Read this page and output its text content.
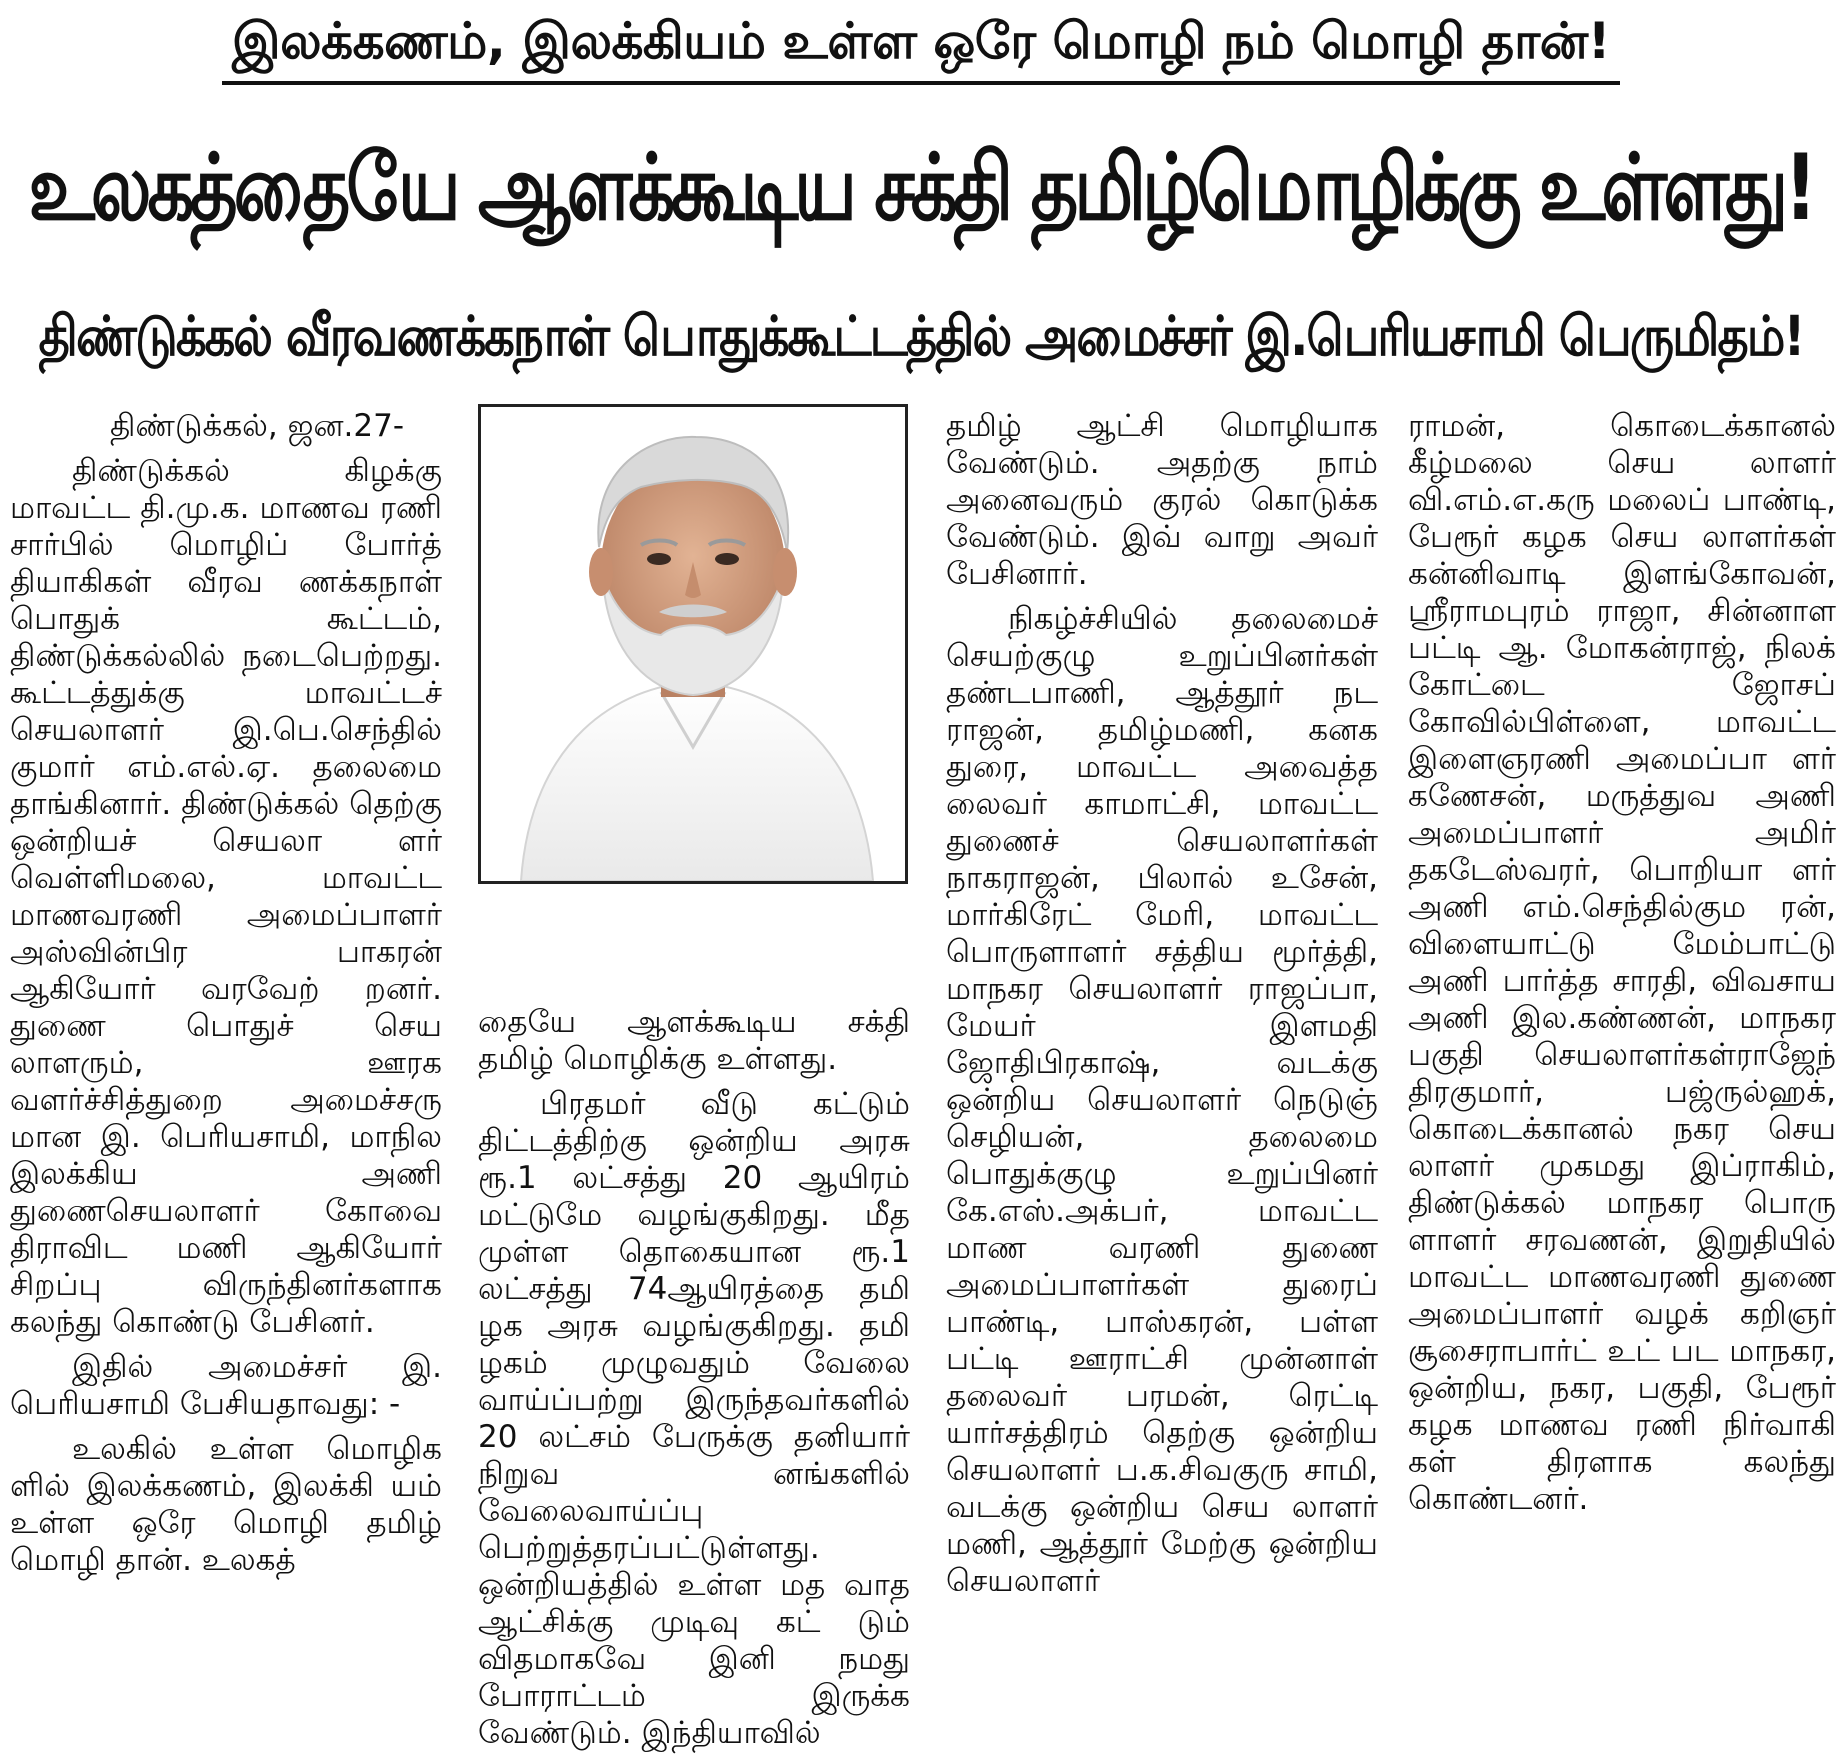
இலக்கணம், இலக்கியம் உள்ள ஒரே மொழி நம் மொழி தான்!
உலகத்தையே ஆளக்கூடிய சக்தி தமிழ்மொழிக்கு உள்ளது!
திண்டுக்கல் வீரவணக்கநாள் பொதுக்கூட்டத்தில் அமைச்சர் இ.பெரியசாமி பெருமிதம்!

திண்டுக்கல், ஜன.27-

திண்டுக்கல் கிழக்கு மாவட்ட தி.மு.க. மாணவ ரணி சார்பில் மொழிப் போர்த் தியாகிகள் வீரவ ணக்கநாள் பொதுக் கூட்டம், திண்டுக்கல்லில் நடைபெற்றது. கூட்டத்துக்கு மாவட்டச் செயலாளர் இ.பெ.செந்தில் குமார் எம்.எல்.ஏ. தலைமை தாங்கினார். திண்டுக்கல் தெற்கு ஒன்றியச் செயலா ளர் வெள்ளிமலை, மாவட்ட மாணவரணி அமைப்பாளர் அஸ்வின்பிர பாகரன் ஆகியோர் வரவேற் றனர். துணை பொதுச் செய லாளரும், ஊரக வளர்ச்சித்துறை அமைச்சரு மான இ. பெரியசாமி, மாநில இலக்கிய அணி துணைசெயலாளர் கோவை திராவிட மணி ஆகியோர் சிறப்பு விருந்தினர்களாக கலந்து கொண்டு பேசினர்.

இதில் அமைச்சர் இ. பெரியசாமி பேசியதாவது: -

உலகில் உள்ள மொழிக ளில் இலக்கணம், இலக்கி யம் உள்ள ஒரே மொழி தமிழ் மொழி தான். உலகத்

தையே ஆளக்கூடிய சக்தி தமிழ் மொழிக்கு உள்ளது.

பிரதமர் வீடு கட்டும் திட்டத்திற்கு ஒன்றிய அரசு ரூ.1 லட்சத்து 20 ஆயிரம் மட்டுமே வழங்குகிறது. மீத முள்ள தொகையான ரூ.1 லட்சத்து 74ஆயிரத்தை தமி ழக அரசு வழங்குகிறது. தமி ழகம் முழுவதும் வேலை வாய்ப்பற்று இருந்தவர்களில் 20 லட்சம் பேருக்கு தனியார் நிறுவ னங்களில் வேலைவாய்ப்பு பெற்றுத்தரப்பட்டுள்ளது. ஒன்றியத்தில் உள்ள மத வாத ஆட்சிக்கு முடிவு கட் டும் விதமாகவே இனி நமது போராட்டம் இருக்க வேண்டும். இந்தியாவில்

தமிழ் ஆட்சி மொழியாக வேண்டும். அதற்கு நாம் அனைவரும் குரல் கொடுக்க வேண்டும். இவ் வாறு அவர் பேசினார்.

நிகழ்ச்சியில் தலைமைச் செயற்குழு உறுப்பினர்கள் தண்டபாணி, ஆத்தூர் நட ராஜன், தமிழ்மணி, கனக துரை, மாவட்ட அவைத்த லைவர் காமாட்சி, மாவட்ட துணைச் செயலாளர்கள் நாகராஜன், பிலால் உசேன், மார்கிரேட் மேரி, மாவட்ட பொருளாளர் சத்திய மூர்த்தி, மாநகர செயலாளர் ராஜப்பா, மேயர் இளமதி ஜோதிபிரகாஷ், வடக்கு ஒன்றிய செயலாளர் நெடுஞ் செழியன், தலைமை பொதுக்குழு உறுப்பினர் கே.எஸ்.அக்பர், மாவட்ட மாண வரணி துணை அமைப்பாளர்கள் துரைப் பாண்டி, பாஸ்கரன், பள்ள பட்டி ஊராட்சி முன்னாள் தலைவர் பரமன், ரெட்டி யார்சத்திரம் தெற்கு ஒன்றிய செயலாளர் ப.க.சிவகுரு சாமி, வடக்கு ஒன்றிய செய லாளர் மணி, ஆத்தூர் மேற்கு ஒன்றிய செயலாளர்

ராமன், கொடைக்கானல் கீழ்மலை செய லாளர் வி.எம்.எ.கரு மலைப் பாண்டி, பேரூர் கழக செய லாளர்கள் கன்னிவாடி இளங்கோவன், ஸ்ரீராமபுரம் ராஜா, சின்னாள பட்டி ஆ. மோகன்ராஜ், நிலக் கோட்டை ஜோசப் கோவில்பிள்ளை, மாவட்ட இளைஞரணி அமைப்பா ளர் கணேசன், மருத்துவ அணி அமைப்பாளர் அமிர் தகடேஸ்வரர், பொறியா ளர் அணி எம்.செந்தில்கும ரன், விளையாட்டு மேம்பாட்டு அணி பார்த்த சாரதி, விவசாய அணி இல.கண்ணன், மாநகர பகுதி செயலாளர்கள்ராஜேந் திரகுமார், பஜ்ருல்ஹக், கொடைக்கானல் நகர செய லாளர் முகமது இப்ராகிம், திண்டுக்கல் மாநகர பொரு ளாளர் சரவணன், இறுதியில் மாவட்ட மாணவரணி துணை அமைப்பாளர் வழக் கறிஞர் சூசைராபார்ட் உட் பட மாநகர, ஒன்றிய, நகர, பகுதி, பேரூர் கழக மாணவ ரணி நிர்வாகி கள் திரளாக கலந்து கொண்டனர்.
